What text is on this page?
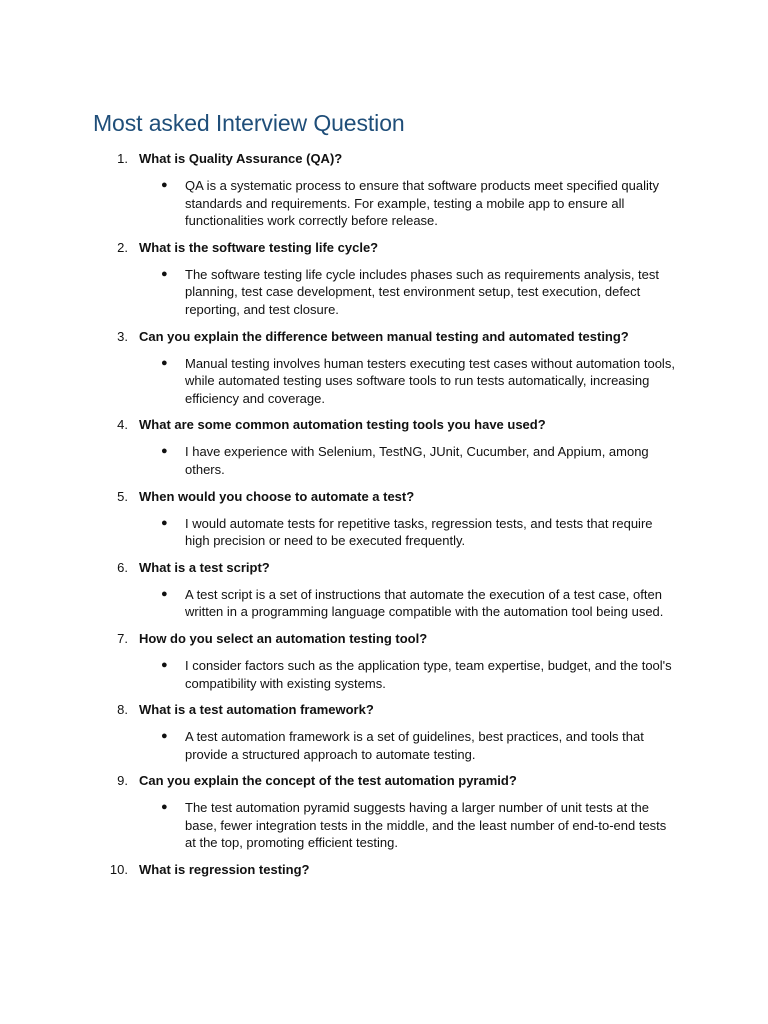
Most asked Interview Question
1. What is Quality Assurance (QA)?

● QA is a systematic process to ensure that software products meet specified quality standards and requirements. For example, testing a mobile app to ensure all functionalities work correctly before release.

2. What is the software testing life cycle?

● The software testing life cycle includes phases such as requirements analysis, test planning, test case development, test environment setup, test execution, defect reporting, and test closure.

3. Can you explain the difference between manual testing and automated testing?

● Manual testing involves human testers executing test cases without automation tools, while automated testing uses software tools to run tests automatically, increasing efficiency and coverage.

4. What are some common automation testing tools you have used?

● I have experience with Selenium, TestNG, JUnit, Cucumber, and Appium, among others.

5. When would you choose to automate a test?

● I would automate tests for repetitive tasks, regression tests, and tests that require high precision or need to be executed frequently.

6. What is a test script?

● A test script is a set of instructions that automate the execution of a test case, often written in a programming language compatible with the automation tool being used.

7. How do you select an automation testing tool?

● I consider factors such as the application type, team expertise, budget, and the tool's compatibility with existing systems.

8. What is a test automation framework?

● A test automation framework is a set of guidelines, best practices, and tools that provide a structured approach to automate testing.

9. Can you explain the concept of the test automation pyramid?

● The test automation pyramid suggests having a larger number of unit tests at the base, fewer integration tests in the middle, and the least number of end-to-end tests at the top, promoting efficient testing.

10. What is regression testing?
